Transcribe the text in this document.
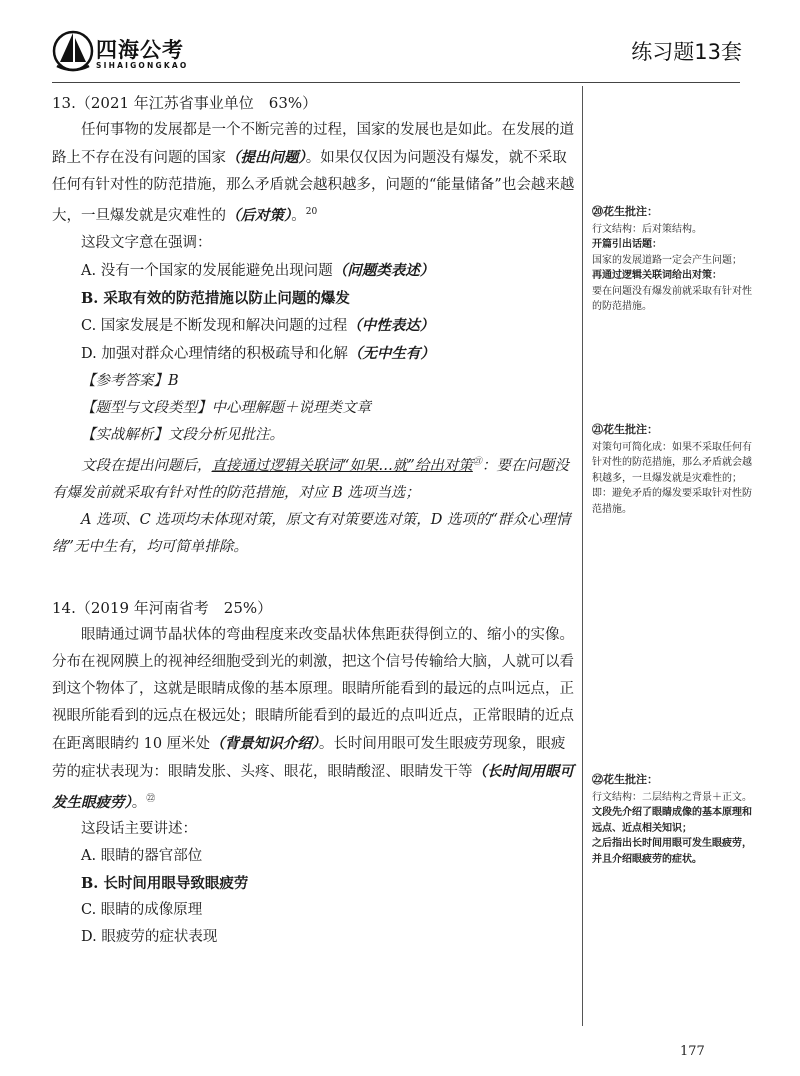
四海公考
SIHAIGONGKAO
练习题13套

13.（2021 年江苏省事业单位　63%）

任何事物的发展都是一个不断完善的过程，国家的发展也是如此。在发展的道路上不存在没有问题的国家（提出问题）。如果仅仅因为问题没有爆发，就不采取任何有针对性的防范措施，那么矛盾就会越积越多，问题的“能量储备”也会越来越大，一旦爆发就是灾难性的（后对策）。$^{20}$

这段文字意在强调：

A. 没有一个国家的发展能避免出现问题（问题类表述）

B. 采取有效的防范措施以防止问题的爆发

C. 国家发展是不断发现和解决问题的过程（中性表达）

D. 加强对群众心理情绪的积极疏导和化解（无中生有）

【参考答案】B

【题型与文段类型】中心理解题＋说理类文章

【实战解析】文段分析见批注。

文段在提出问题后，直接通过逻辑关联词“如果…就”给出对策$^㉑$：要在问题没有爆发前就采取有针对性的防范措施，对应 B 选项当选；

A 选项、C 选项均未体现对策，原文有对策要选对策，D 选项的“群众心理情绪”无中生有，均可简单排除。

14.（2019 年河南省考　25%）

眼睛通过调节晶状体的弯曲程度来改变晶状体焦距获得倒立的、缩小的实像。分布在视网膜上的视神经细胞受到光的刺激，把这个信号传输给大脑，人就可以看到这个物体了，这就是眼睛成像的基本原理。眼睛所能看到的最远的点叫远点，正视眼所能看到的远点在极远处；眼睛所能看到的最近的点叫近点，正常眼睛的近点在距离眼睛约 10 厘米处（背景知识介绍）。长时间用眼可发生眼疲劳现象，眼疲劳的症状表现为：眼睛发胀、头疼、眼花，眼睛酸涩、眼睛发干等（长时间用眼可发生眼疲劳）。$^㉒$

这段话主要讲述：

A. 眼睛的器官部位

B. 长时间用眼导致眼疲劳

C. 眼睛的成像原理

D. 眼疲劳的症状表现

⑳花生批注：
行文结构：后对策结构。
开篇引出话题：
国家的发展道路一定会产生问题；
再通过逻辑关联词给出对策：
要在问题没有爆发前就采取有针对性的防范措施。
㉑花生批注：
对策句可简化成：如果不采取任何有针对性的防范措施，那么矛盾就会越积越多，一旦爆发就是灾难性的；
即：避免矛盾的爆发要采取针对性防范措施。
㉒花生批注：
行文结构：二层结构之背景＋正文。
文段先介绍了眼睛成像的基本原理和远点、近点相关知识；
之后指出长时间用眼可发生眼疲劳，并且介绍眼疲劳的症状。
177
